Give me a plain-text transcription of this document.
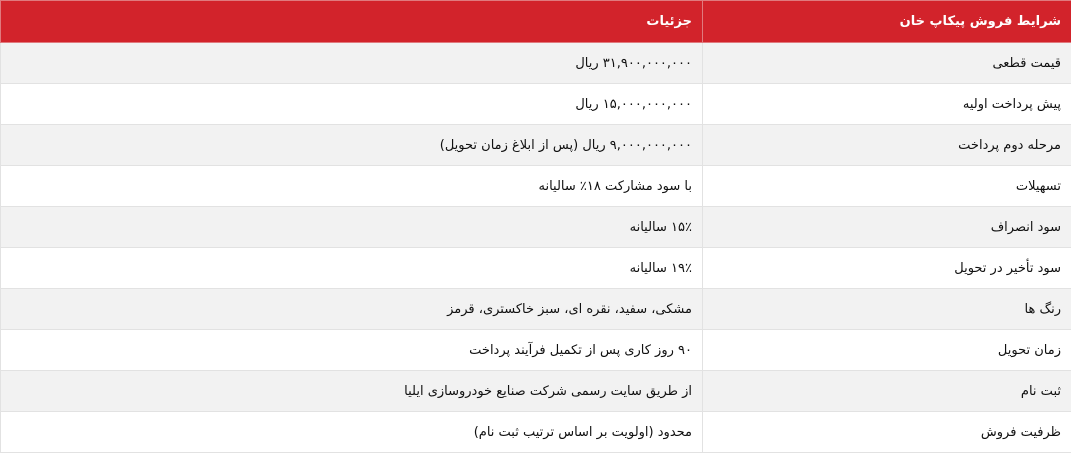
شرایط فروش پیکاپ خان	جزئیات
قیمت قطعی	۳۱,۹۰۰,۰۰۰,۰۰۰ ریال
پیش پرداخت اولیه	۱۵,۰۰۰,۰۰۰,۰۰۰ ریال
مرحله دوم پرداخت	۹,۰۰۰,۰۰۰,۰۰۰ ریال (پس از ابلاغ زمان تحویل)
تسهیلات	با سود مشارکت ۱۸٪ سالیانه
سود انصراف	۱۵٪ سالیانه
سود تأخیر در تحویل	۱۹٪ سالیانه
رنگ ها	مشکی، سفید، نقره ای، سبز خاکستری، قرمز
زمان تحویل	۹۰ روز کاری پس از تکمیل فرآیند پرداخت
ثبت نام	از طریق سایت رسمی شرکت صنایع خودروسازی ایلیا
ظرفیت فروش	محدود (اولویت بر اساس ترتیب ثبت نام)
